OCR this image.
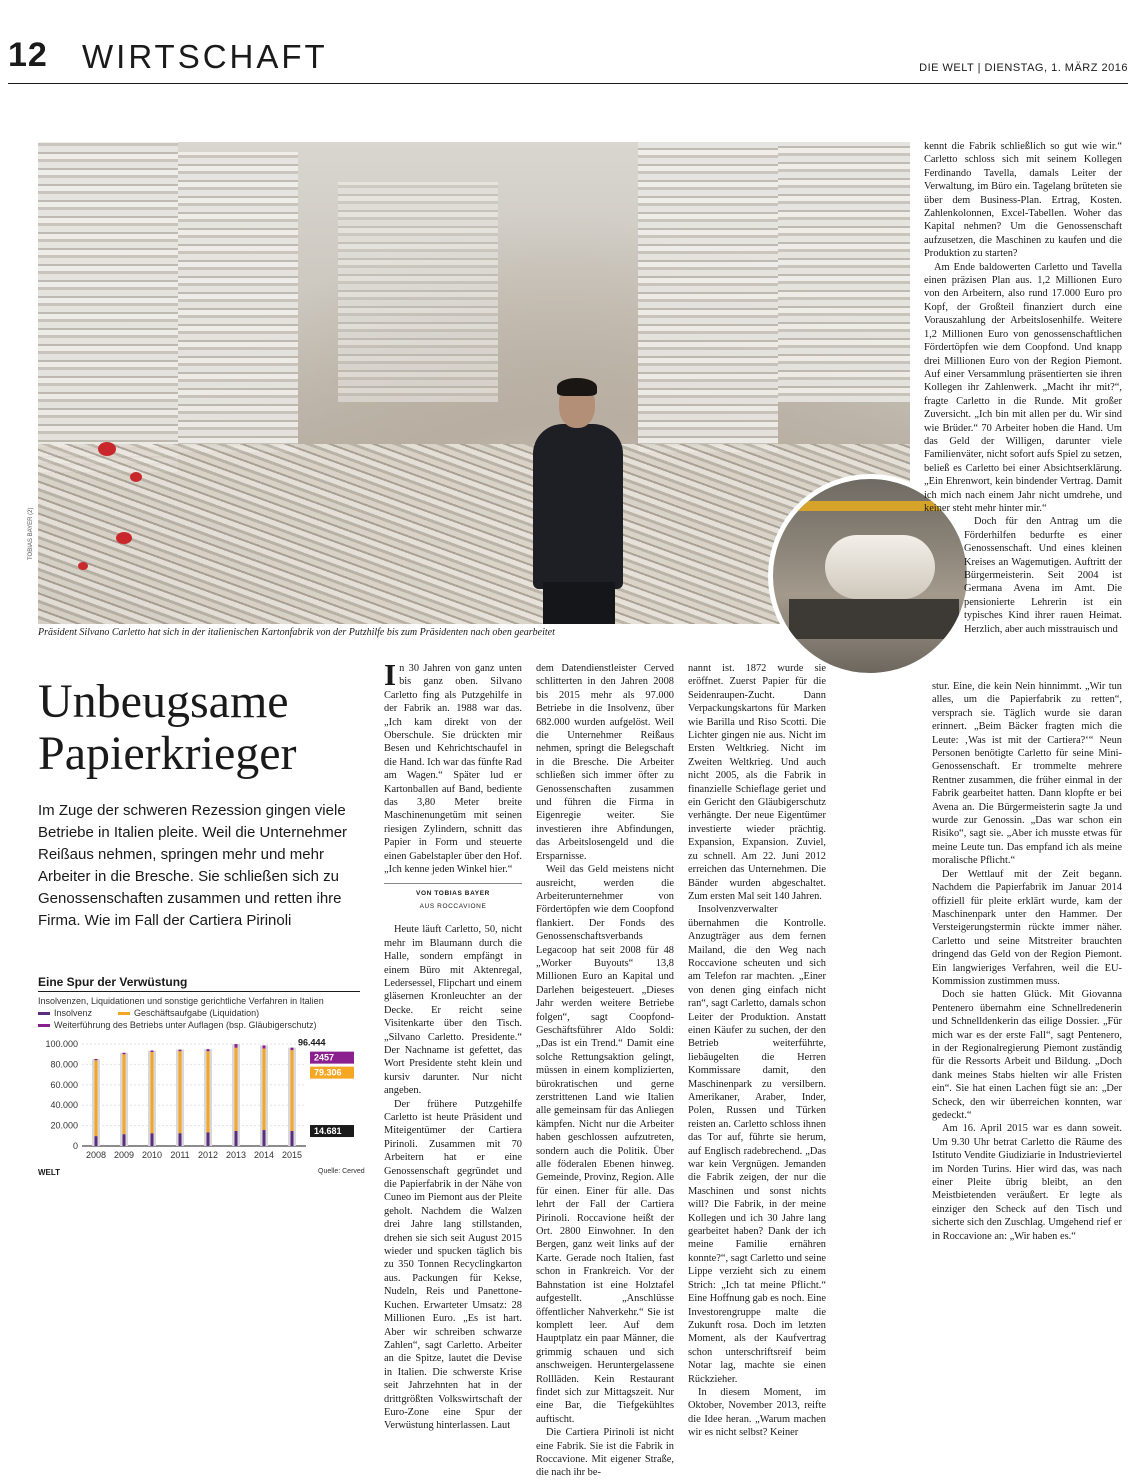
12 WIRTSCHAFT	DIE WELT | DIENSTAG, 1. MÄRZ 2016
TOBIAS BAYER (2)
Präsident Silvano Carletto hat sich in der italienischen Kartonfabrik von der Putzhilfe bis zum Präsidenten nach oben gearbeitet
Unbeugsame Papierkrieger
Im Zuge der schweren Rezession gingen viele Betriebe in Italien pleite. Weil die Unternehmer Reißaus nehmen, springen mehr und mehr Arbeiter in die Bresche. Sie schließen sich zu Genossenschaften zusammen und retten ihre Firma. Wie im Fall der Cartiera Pirinoli

In 30 Jahren von ganz unten bis ganz oben. Silvano Carletto fing als Putzgehilfe in der Fabrik an. 1988 war das. „Ich kam direkt von der Oberschule. Sie drückten mir Besen und Kehrichtschaufel in die Hand. Ich war das fünfte Rad am Wagen.“ Später lud er Kartonballen auf Band, bediente das 3,80 Meter breite Maschinenungetüm mit seinen riesigen Zylindern, schnitt das Papier in Form und steuerte einen Gabelstapler über den Hof. „Ich kenne jeden Winkel hier.“

VON TOBIAS BAYER
AUS ROCCAVIONE

Heute läuft Carletto, 50, nicht mehr im Blaumann durch die Halle, sondern empfängt in einem Büro mit Aktenregal, Ledersessel, Flipchart und einem gläsernen Kronleuchter an der Decke. Er reicht seine Visitenkarte über den Tisch. „Silvano Carletto. Presidente.“ Der Nachname ist gefettet, das Wort Presidente steht klein und kursiv darunter. Nur nicht angeben.

Der frühere Putzgehilfe Carletto ist heute Präsident und Miteigentümer der Cartiera Pirinoli. Zusammen mit 70 Arbeitern hat er eine Genossenschaft gegründet und die Papierfabrik in der Nähe von Cuneo im Piemont aus der Pleite geholt. Nachdem die Walzen drei Jahre lang stillstanden, drehen sie sich seit August 2015 wieder und spucken täglich bis zu 350 Tonnen Recyclingkarton aus. Packungen für Kekse, Nudeln, Reis und Panettone-Kuchen. Erwarteter Umsatz: 28 Millionen Euro. „Es ist hart. Aber wir schreiben schwarze Zahlen“, sagt Carletto. Arbeiter an die Spitze, lautet die Devise in Italien. Die schwerste Krise seit Jahrzehnten hat in der drittgrößten Volkswirtschaft der Euro-Zone eine Spur der Verwüstung hinterlassen. Laut

dem Datendienstleister Cerved schlitterten in den Jahren 2008 bis 2015 mehr als 97.000 Betriebe in die Insolvenz, über 682.000 wurden aufgelöst. Weil die Unternehmer Reißaus nehmen, springt die Belegschaft in die Bresche. Die Arbeiter schließen sich immer öfter zu Genossenschaften zusammen und führen die Firma in Eigenregie weiter. Sie investieren ihre Abfindungen, das Arbeitslosengeld und die Ersparnisse.

Weil das Geld meistens nicht ausreicht, werden die Arbeiterunternehmer von Fördertöpfen wie dem Coopfond flankiert. Der Fonds des Genossenschaftsverbands Legacoop hat seit 2008 für 48 „Worker Buyouts“ 13,8 Millionen Euro an Kapital und Darlehen beigesteuert. „Dieses Jahr werden weitere Betriebe folgen“, sagt Coopfond-Geschäftsführer Aldo Soldi: „Das ist ein Trend.“ Damit eine solche Rettungsaktion gelingt, müssen in einem komplizierten, bürokratischen und gerne zerstrittenen Land wie Italien alle gemeinsam für das Anliegen kämpfen. Nicht nur die Arbeiter haben geschlossen aufzutreten, sondern auch die Politik. Über alle föderalen Ebenen hinweg. Gemeinde, Provinz, Region. Alle für einen. Einer für alle. Das lehrt der Fall der Cartiera Pirinoli. Roccavione heißt der Ort. 2800 Einwohner. In den Bergen, ganz weit links auf der Karte. Gerade noch Italien, fast schon in Frankreich. Vor der Bahnstation ist eine Holztafel aufgestellt. „Anschlüsse öffentlicher Nahverkehr.“ Sie ist komplett leer. Auf dem Hauptplatz ein paar Männer, die grimmig schauen und sich anschweigen. Heruntergelassene Rollläden. Kein Restaurant findet sich zur Mittagszeit. Nur eine Bar, die Tiefgekühltes auftischt.

Die Cartiera Pirinoli ist nicht eine Fabrik. Sie ist die Fabrik in Roccavione. Mit eigener Straße, die nach ihr be-

nannt ist. 1872 wurde sie eröffnet. Zuerst Papier für die Seidenraupen-Zucht. Dann Verpackungskartons für Marken wie Barilla und Riso Scotti. Die Lichter gingen nie aus. Nicht im Ersten Weltkrieg. Nicht im Zweiten Weltkrieg. Und auch nicht 2005, als die Fabrik in finanzielle Schieflage geriet und ein Gericht den Gläubigerschutz verhängte. Der neue Eigentümer investierte wieder prächtig. Expansion, Expansion. Zuviel, zu schnell. Am 22. Juni 2012 erreichen das Unternehmen. Die Bänder wurden abgeschaltet. Zum ersten Mal seit 140 Jahren.

Insolvenzverwalter übernahmen die Kontrolle. Anzugträger aus dem fernen Mailand, die den Weg nach Roccavione scheuten und sich am Telefon rar machten. „Einer von denen ging einfach nicht ran“, sagt Carletto, damals schon Leiter der Produktion. Anstatt einen Käufer zu suchen, der den Betrieb weiterführte, liebäugelten die Herren Kommissare damit, den Maschinenpark zu versilbern. Amerikaner, Araber, Inder, Polen, Russen und Türken reisten an. Carletto schloss ihnen das Tor auf, führte sie herum, auf Englisch radebrechend. „Das war kein Vergnügen. Jemanden die Fabrik zeigen, der nur die Maschinen und sonst nichts will? Die Fabrik, in der meine Kollegen und ich 30 Jahre lang gearbeitet haben? Dank der ich meine Familie ernähren konnte?“, sagt Carletto und seine Lippe verzieht sich zu einem Strich: „Ich tat meine Pflicht.“ Eine Hoffnung gab es noch. Eine Investorengruppe malte die Zukunft rosa. Doch im letzten Moment, als der Kaufvertrag schon unterschriftsreif beim Notar lag, machte sie einen Rückzieher.

In diesem Moment, im Oktober, November 2013, reifte die Idee heran. „Warum machen wir es nicht selbst? Keiner

kennt die Fabrik schließlich so gut wie wir.“ Carletto schloss sich mit seinem Kollegen Ferdinando Tavella, damals Leiter der Verwaltung, im Büro ein. Tagelang brüteten sie über dem Business-Plan. Ertrag, Kosten. Zahlenkolonnen, Excel-Tabellen. Woher das Kapital nehmen? Um die Genossenschaft aufzusetzen, die Maschinen zu kaufen und die Produktion zu starten?

Am Ende baldowerten Carletto und Tavella einen präzisen Plan aus. 1,2 Millionen Euro von den Arbeitern, also rund 17.000 Euro pro Kopf, der Großteil finanziert durch eine Vorauszahlung der Arbeitslosenhilfe. Weitere 1,2 Millionen Euro von genossenschaftlichen Fördertöpfen wie dem Coopfond. Und knapp drei Millionen Euro von der Region Piemont. Auf einer Versammlung präsentierten sie ihren Kollegen ihr Zahlenwerk. „Macht ihr mit?“, fragte Carletto in die Runde. Mit großer Zuversicht. „Ich bin mit allen per du. Wir sind wie Brüder.“ 70 Arbeiter hoben die Hand. Um das Geld der Willigen, darunter viele Familienväter, nicht sofort aufs Spiel zu setzen, beließ es Carletto bei einer Absichtserklärung. „Ein Ehrenwort, kein bindender Vertrag. Damit ich mich nach einem Jahr nicht umdrehe, und keiner steht mehr hinter mir.“

Doch für den Antrag um die Förderhilfen bedurfte es einer Genossenschaft. Und eines kleinen Kreises an Wagemutigen. Auftritt der Bürgermeisterin. Seit 2004 ist Germana Avena im Amt. Die pensionierte Lehrerin ist ein typisches Kind ihrer rauen Heimat. Herzlich, aber auch misstrauisch und

stur. Eine, die kein Nein hinnimmt. „Wir tun alles, um die Papierfabrik zu retten“, versprach sie. Täglich wurde sie daran erinnert. „Beim Bäcker fragten mich die Leute: ‚Was ist mit der Cartiera?‘“ Neun Personen benötigte Carletto für seine Mini-Genossenschaft. Er trommelte mehrere Rentner zusammen, die früher einmal in der Fabrik gearbeitet hatten. Dann klopfte er bei Avena an. Die Bürgermeisterin sagte Ja und wurde zur Genossin. „Das war schon ein Risiko“, sagt sie. „Aber ich musste etwas für meine Leute tun. Das empfand ich als meine moralische Pflicht.“

Der Wettlauf mit der Zeit begann. Nachdem die Papierfabrik im Januar 2014 offiziell für pleite erklärt wurde, kam der Maschinenpark unter den Hammer. Der Versteigerungstermin rückte immer näher. Carletto und seine Mitstreiter brauchten dringend das Geld von der Region Piemont. Ein langwieriges Verfahren, weil die EU-Kommission zustimmen muss.

Doch sie hatten Glück. Mit Giovanna Pentenero übernahm eine Schnellredenerin und Schnelldenkerin das eilige Dossier. „Für mich war es der erste Fall“, sagt Pentenero, in der Regionalregierung Piemont zuständig für die Ressorts Arbeit und Bildung. „Doch dank meines Stabs hielten wir alle Fristen ein“. Sie hat einen Lachen fügt sie an: „Der Scheck, den wir überreichen konnten, war gedeckt.“

Am 16. April 2015 war es dann soweit. Um 9.30 Uhr betrat Carletto die Räume des Istituto Vendite Giudiziarie in Industrieviertel im Norden Turins. Hier wird das, was nach einer Pleite übrig bleibt, an den Meistbietenden veräußert. Er legte als einziger den Scheck auf den Tisch und sicherte sich den Zuschlag. Umgehend rief er in Roccavione an: „Wir haben es.“

Eine Spur der Verwüstung
Insolvenzen, Liquidationen und sonstige gerichtliche Verfahren in Italien
Insolvenz	Geschäftsaufgabe (Liquidation)
Weiterführung des Betriebs unter Auflagen (bsp. Gläubigerschutz)
0
20.000
40.000
60.000
80.000
100.000
2008 2009 2010 2011 2012 2013 2014 2015
96.444
2457
79.306
14.681
WELT	Quelle: Cerved
